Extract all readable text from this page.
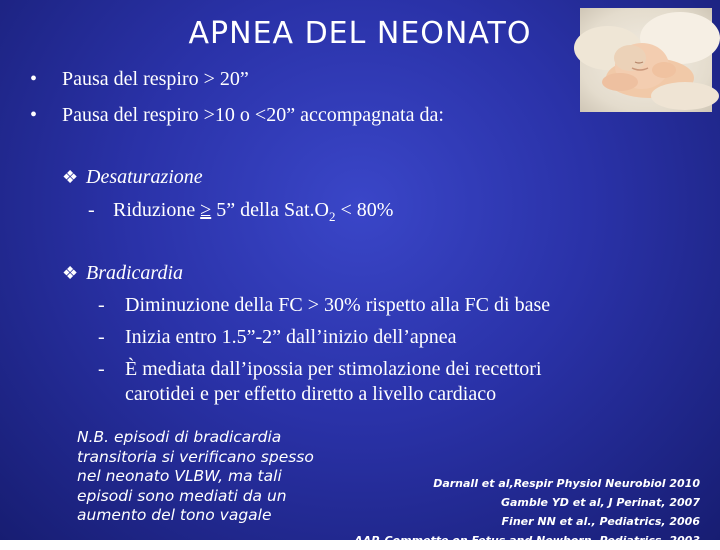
APNEA DEL NEONATO
• Pausa del respiro > 20”
• Pausa del respiro >10 o <20” accompagnata da:
❖ Desaturazione
- Riduzione ≥ 5” della $Sat.O_2 < 80\%$
❖ Bradicardia
- Diminuzione della FC > 30% rispetto alla FC di base
- Inizia entro 1.5”-2” dall’inizio dell’apnea
- È mediata dall’ipossia per stimolazione dei recettori
carotidei e per effetto diretto a livello cardiaco
N.B. episodi di bradicardia
transitoria si verificano spesso
nel neonato VLBW, ma tali
episodi sono mediati da un
aumento del tono vagale
Darnall et al,Respir Physiol Neurobiol 2010
Gamble YD et al, J Perinat, 2007
Finer NN et al., Pediatrics, 2006
AAP, Commette on Fetus and Newborn, Pediatrics, 2003
